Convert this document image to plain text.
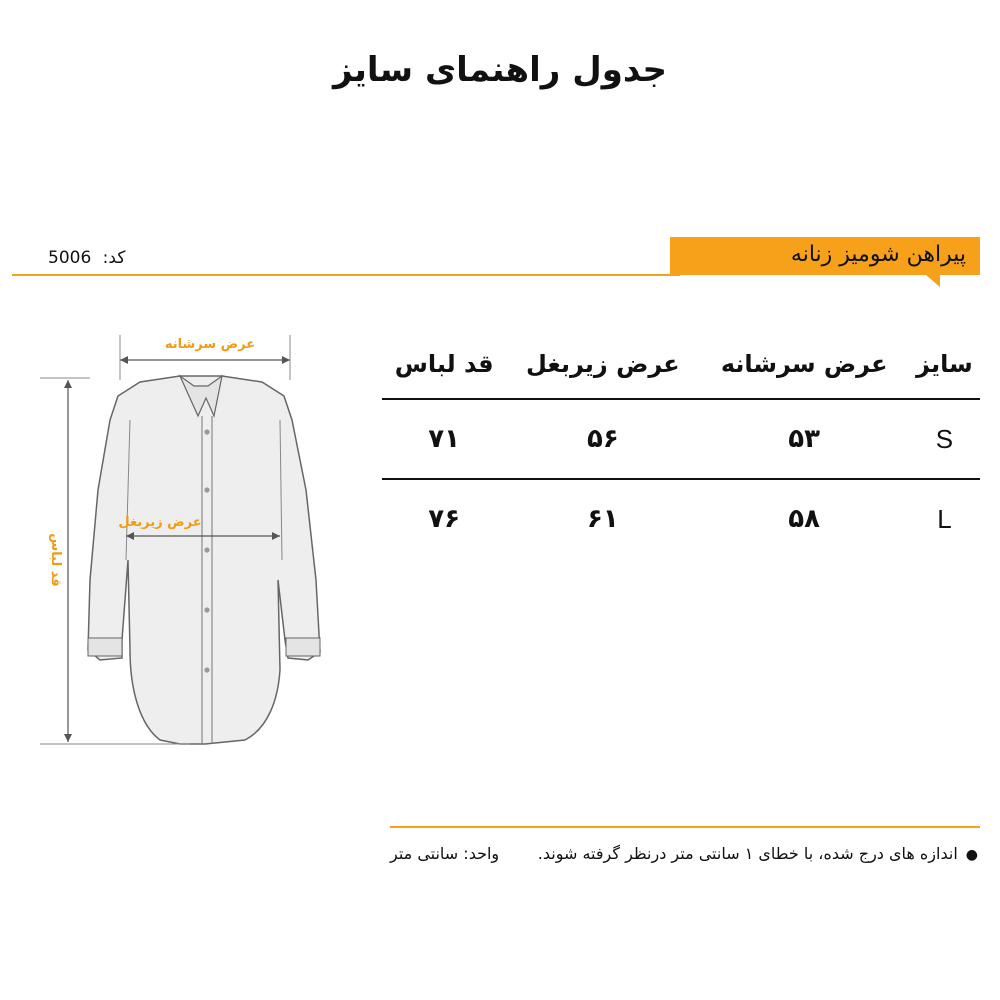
جدول راهنمای سایز
5006 کد:	پیراهن شومیز زنانه
عرض سرشانه
عرض زیربغل
قد لباس
سایز	عرض سرشانه	عرض زیربغل	قد لباس
S	۵۳	۵۶	۷۱
L	۵۸	۶۱	۷۶
●اندازه های درج شده، با خطای ۱ سانتی متر درنظر گرفته شوند.
واحد: سانتی متر
